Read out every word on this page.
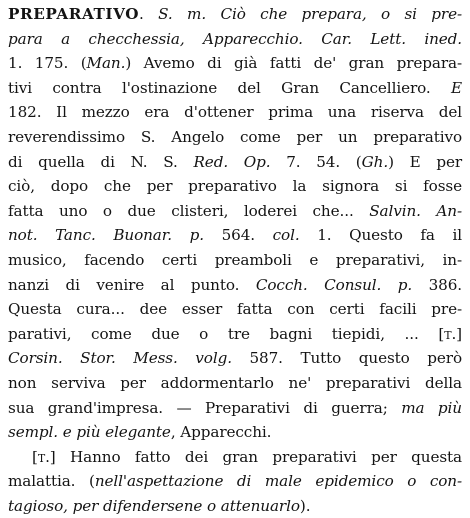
PREPARATIVO. S. m. Ciò che prepara, o si pre-
para a checchessia, Apparecchio. Car. Lett. ined.
1. 175. (Man.) Avemo di già fatti de' gran prepara-
tivi contra l'ostinazione del Gran Cancelliero. E
182. Il mezzo era d'ottener prima una riserva del
reverendissimo S. Angelo come per un preparativo
di quella di N. S. Red. Op. 7. 54. (Gh.) E per
ciò, dopo che per preparativo la signora si fosse
fatta uno o due clisteri, loderei che... Salvin. An-
not. Tanc. Buonar. p. 564. col. 1. Questo fa il
musico, facendo certi preamboli e preparativi, in-
nanzi di venire al punto. Cocch. Consul. p. 386.
Questa cura... dee esser fatta con certi facili pre-
parativi, come due o tre bagni tiepidi, ... [t.]
Corsin. Stor. Mess. volg. 587. Tutto questo però
non serviva per addormentarlo ne' preparativi della
sua grand'impresa. — Preparativi di guerra; ma più
sempl. e più elegante, Apparecchi.
[t.] Hanno fatto dei gran preparativi per questa
malattia. (nell'aspettazione di male epidemico o con-
tagioso, per difendersene o attenuarlo).
